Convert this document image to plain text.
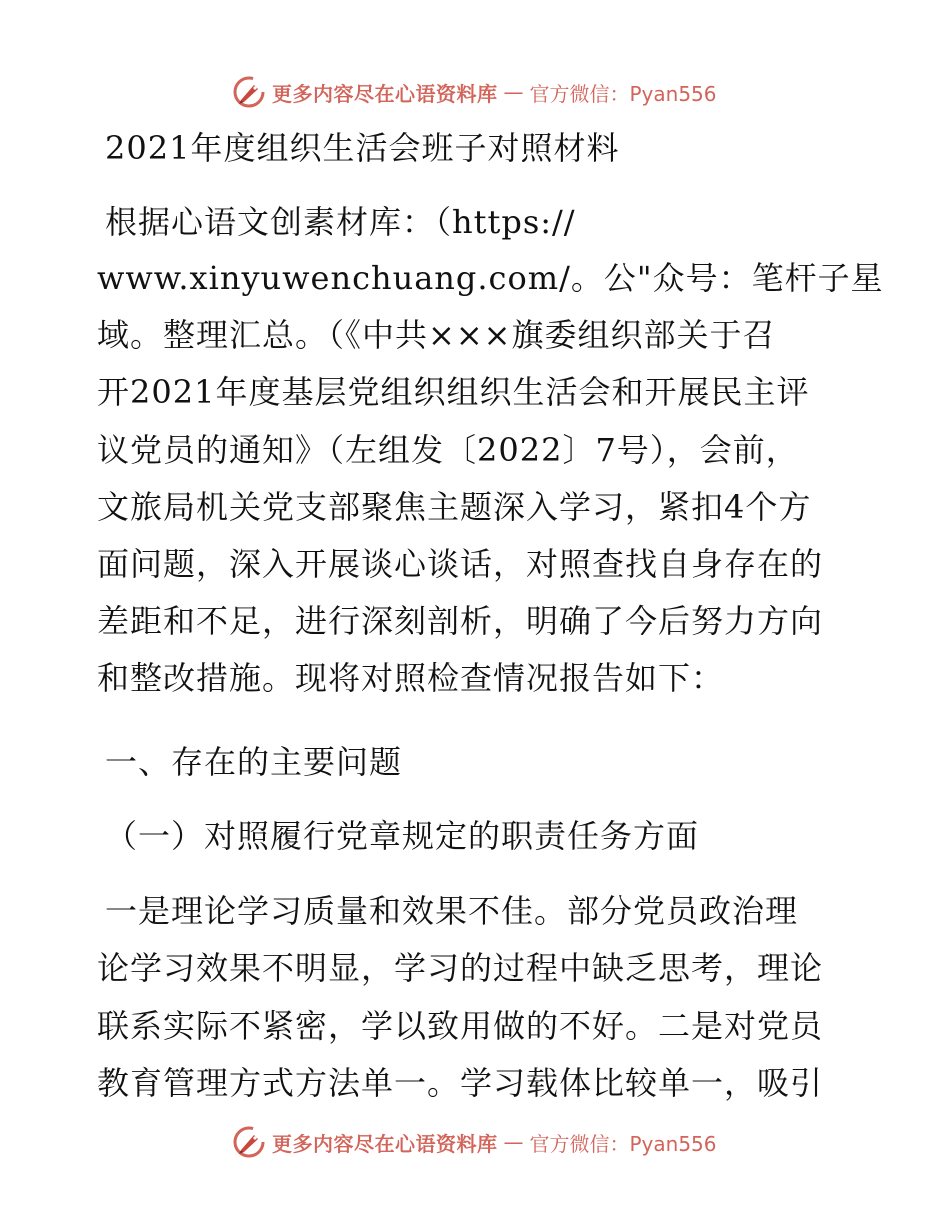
更多内容尽在心语资料库 — 官方微信：Pyan556
2021年度组织生活会班子对照材料
根据心语文创素材库：（https://
www.xinyuwenchuang.com/。公"众号：笔杆子星
域。整理汇总。（《中共×××旗委组织部关于召
开2021年度基层党组织组织生活会和开展民主评
议党员的通知》（左组发〔2022〕7号），会前，
文旅局机关党支部聚焦主题深入学习，紧扣4个方
面问题，深入开展谈心谈话，对照查找自身存在的
差距和不足，进行深刻剖析，明确了今后努力方向
和整改措施。现将对照检查情况报告如下：
一、存在的主要问题
（一）对照履行党章规定的职责任务方面
一是理论学习质量和效果不佳。部分党员政治理
论学习效果不明显，学习的过程中缺乏思考，理论
联系实际不紧密，学以致用做的不好。二是对党员
教育管理方式方法单一。学习载体比较单一，吸引
更多内容尽在心语资料库 — 官方微信：Pyan556
